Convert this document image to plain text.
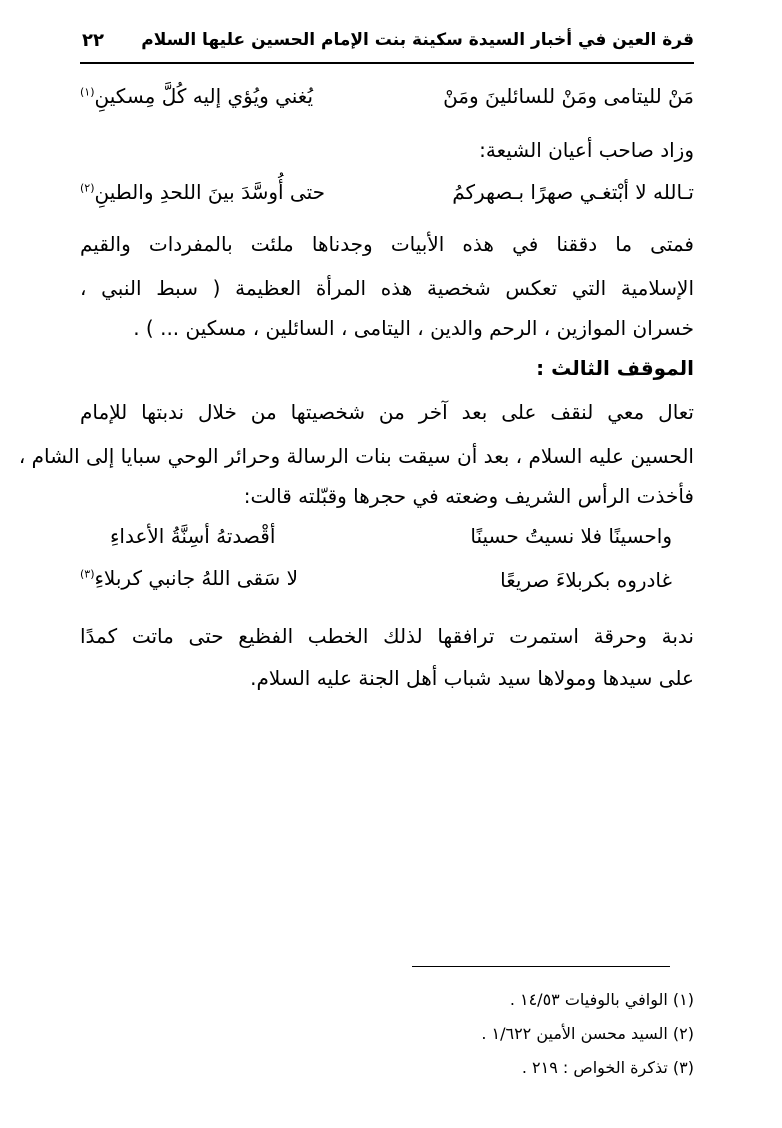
قرة العين في أخبار السيدة سكينة بنت الإمام الحسين عليها السلام
٢٢
مَنْ لليتامى ومَنْ للسائلينَ ومَنْ
يُغني ويُؤي إليه كُلَّ مِسكينِ$^{(١)}$
وزاد صاحب أعيان الشيعة:
تـالله لا أبْتغـي صهرًا بـصهركمُ
حتى أُوسَّدَ بينَ اللحدِ والطينِ$^{(٢)}$
فمتى ما دققنا في هذه الأبيات وجدناها ملئت بالمفردات والقيم
الإسلامية التي تعكس شخصية هذه المرأة العظيمة ( سبط النبي ،
خسران الموازين ، الرحم والدين ، اليتامى ، السائلين ، مسكين ... ) .
الموقف الثالث :
تعال معي لنقف على بعد آخر من شخصيتها من خلال ندبتها للإمام
الحسين عليه السلام ، بعد أن سيقت بنات الرسالة وحرائر الوحي سبايا إلى الشام ،
فأخذت الرأس الشريف وضعته في حجرها وقبّلته قالت:
واحسينًا فلا نسيتُ حسينًا
أقْصدتهُ أسِنَّةُ الأعداءِ
غادروه بكربلاءَ صريعًا
لا سَقى اللهُ جانبي كربلاءِ$^{(٣)}$
ندبة وحرقة استمرت ترافقها لذلك الخطب الفظيع حتى ماتت كمدًا
على سيدها ومولاها سيد شباب أهل الجنة عليه السلام.
(١) الوافي بالوفيات ١٤/٥٣ .
(٢) السيد محسن الأمين ١/٦٢٢ .
(٣) تذكرة الخواص : ٢١٩ .
